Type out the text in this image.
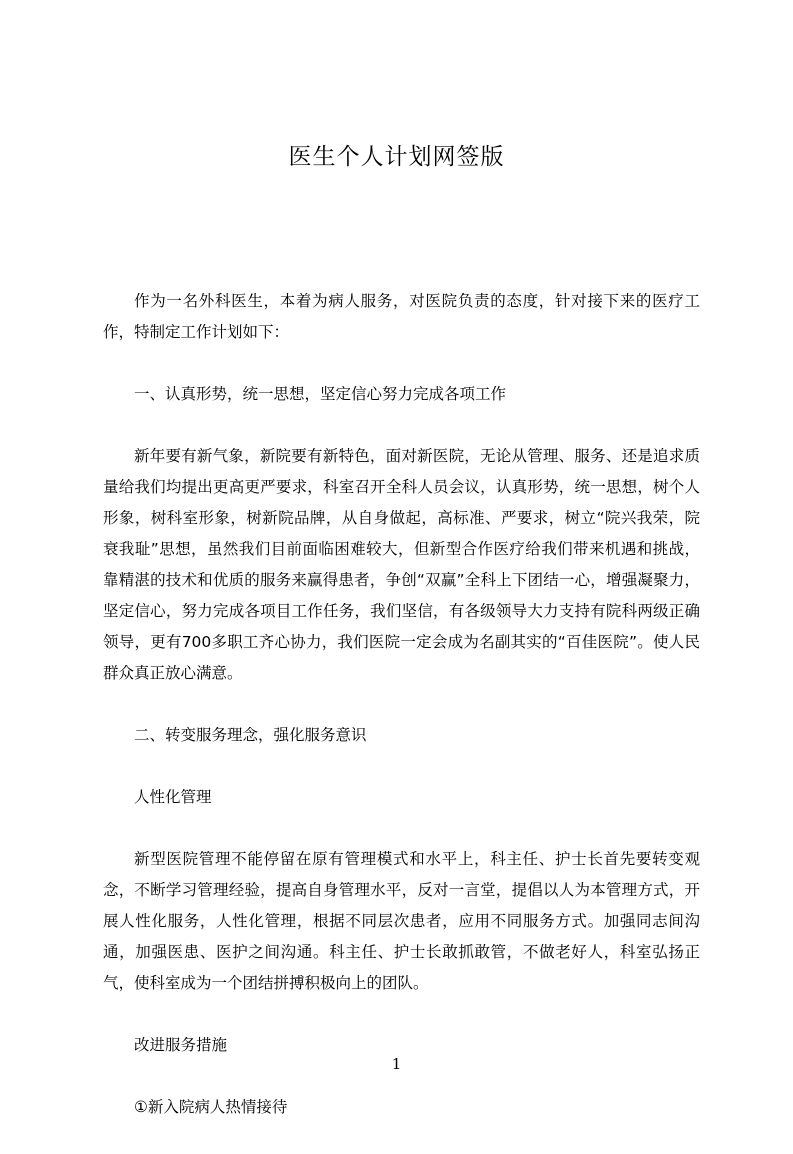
医生个人计划网签版

作为一名外科医生，本着为病人服务，对医院负责的态度，针对接下来的医疗工作，特制定工作计划如下：

一、认真形势，统一思想，坚定信心努力完成各项工作

新年要有新气象，新院要有新特色，面对新医院，无论从管理、服务、还是追求质量给我们均提出更高更严要求，科室召开全科人员会议，认真形势，统一思想，树个人形象，树科室形象，树新院品牌，从自身做起，高标准、严要求，树立“院兴我荣，院衰我耻”思想，虽然我们目前面临困难较大，但新型合作医疗给我们带来机遇和挑战，靠精湛的技术和优质的服务来赢得患者，争创“双赢”全科上下团结一心，增强凝聚力，坚定信心，努力完成各项目工作任务，我们坚信，有各级领导大力支持有院科两级正确领导，更有700多职工齐心协力，我们医院一定会成为名副其实的“百佳医院”。使人民群众真正放心满意。

二、转变服务理念，强化服务意识

人性化管理

新型医院管理不能停留在原有管理模式和水平上，科主任、护士长首先要转变观念，不断学习管理经验，提高自身管理水平，反对一言堂，提倡以人为本管理方式，开展人性化服务，人性化管理，根据不同层次患者，应用不同服务方式。加强同志间沟通，加强医患、医护之间沟通。科主任、护士长敢抓敢管，不做老好人，科室弘扬正气，使科室成为一个团结拼搏积极向上的团队。

改进服务措施

①新入院病人热情接待

1
